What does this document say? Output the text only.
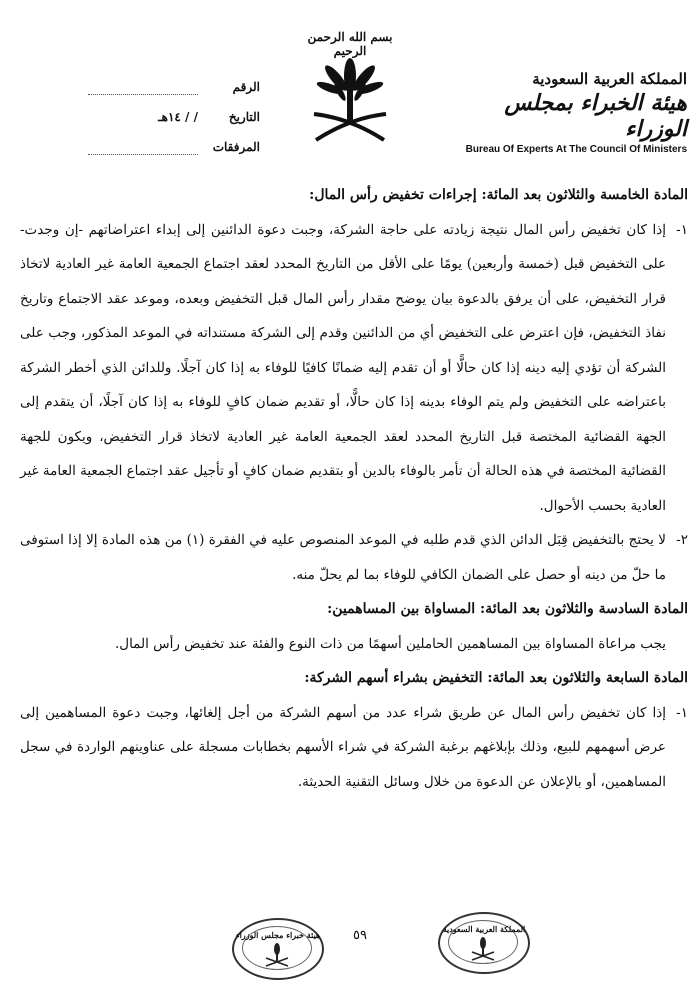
بسم الله الرحمن الرحيم
المملكة العربية السعودية
هيئة الخبراء بمجلس الوزراء
Bureau Of Experts At The Council Of Ministers
الرقم
التاريخ
/ / ١٤هـ
المرفقات

المادة الخامسة والثلاثون بعد المائة: إجراءات تخفيض رأس المال:

١-
إذا كان تخفيض رأس المال نتيجة زيادته على حاجة الشركة، وجبت دعوة الدائنين إلى إبداء اعتراضاتهم -إن وجدت- على التخفيض قبل (خمسة وأربعين) يومًا على الأقل من التاريخ المحدد لعقد اجتماع الجمعية العامة غير العادية لاتخاذ قرار التخفيض، على أن يرفق بالدعوة بيان يوضح مقدار رأس المال قبل التخفيض وبعده، وموعد عقد الاجتماع وتاريخ نفاذ التخفيض، فإن اعترض على التخفيض أي من الدائنين وقدم إلى الشركة مستنداته في الموعد المذكور، وجب على الشركة أن تؤدي إليه دينه إذا كان حالًّا أو أن تقدم إليه ضمانًا كافيًا للوفاء به إذا كان آجلًا. وللدائن الذي أخطر الشركة باعتراضه على التخفيض ولم يتم الوفاء بدينه إذا كان حالًّا، أو تقديم ضمان كافٍ للوفاء به إذا كان آجلًا، أن يتقدم إلى الجهة القضائية المختصة قبل التاريخ المحدد لعقد الجمعية العامة غير العادية لاتخاذ قرار التخفيض، ويكون للجهة القضائية المختصة في هذه الحالة أن تأمر بالوفاء بالدين أو بتقديم ضمان كافٍ أو تأجيل عقد اجتماع الجمعية العامة غير العادية بحسب الأحوال.

٢-
لا يحتج بالتخفيض قِبَل الدائن الذي قدم طلبه في الموعد المنصوص عليه في الفقرة (١) من هذه المادة إلا إذا استوفى ما حلّ من دينه أو حصل على الضمان الكافي للوفاء بما لم يحلّ منه.

المادة السادسة والثلاثون بعد المائة: المساواة بين المساهمين:

يجب مراعاة المساواة بين المساهمين الحاملين أسهمًا من ذات النوع والفئة عند تخفيض رأس المال.

المادة السابعة والثلاثون بعد المائة: التخفيض بشراء أسهم الشركة:

١-
إذا كان تخفيض رأس المال عن طريق شراء عدد من أسهم الشركة من أجل إلغائها، وجبت دعوة المساهمين إلى عرض أسهمهم للبيع، وذلك بإبلاغهم برغبة الشركة في شراء الأسهم بخطابات مسجلة على عناوينهم الواردة في سجل المساهمين، أو بالإعلان عن الدعوة من خلال وسائل التقنية الحديثة.

هيئة خبراء مجلس الوزراء	٥٩	المملكة العربية السعودية
